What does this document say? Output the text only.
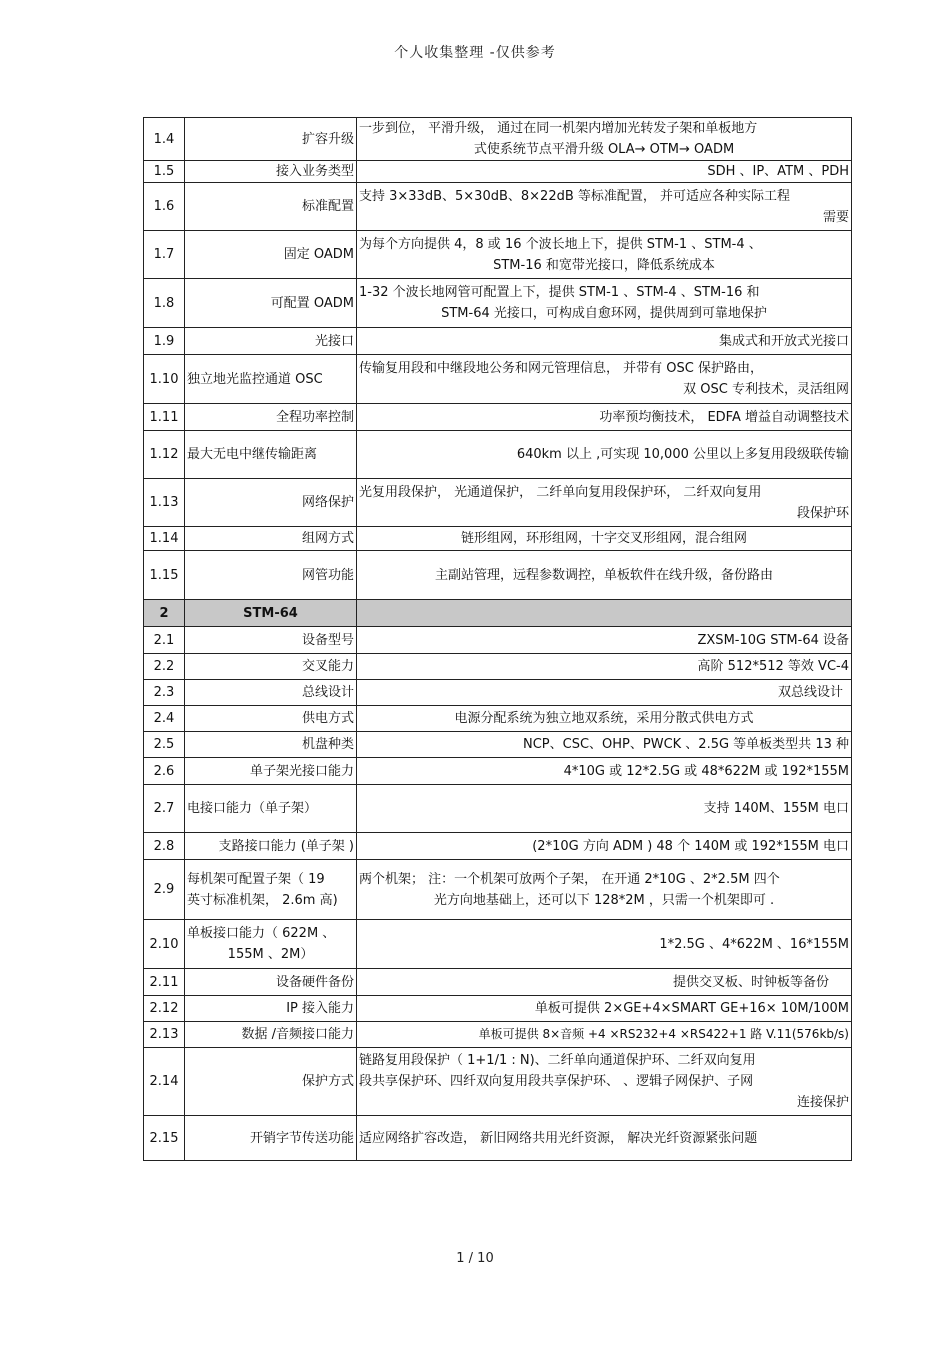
个人收集整理 -仅供参考
1.4	扩容升级	一步到位， 平滑升级， 通过在同一机架内增加光转发子架和单板地方
式使系统节点平滑升级 OLA→ OTM→ OADM

1.5	接入业务类型	SDH 、IP、ATM 、PDH

1.6	标准配置	支持 3×33dB、5×30dB、8×22dB 等标准配置， 并可适应各种实际工程
需要

1.7	固定 OADM	为每个方向提供 4，8 或 16 个波长地上下，提供 STM-1 、STM-4 、
STM-16 和宽带光接口，降低系统成本

1.8	可配置 OADM	1-32 个波长地网管可配置上下，提供 STM-1 、STM-4 、STM-16 和
STM-64 光接口，可构成自愈环网，提供周到可靠地保护

1.9	光接口	集成式和开放式光接口

1.10	独立地光监控通道 OSC	传输复用段和中继段地公务和网元管理信息， 并带有 OSC 保护路由，
双 OSC 专利技术，灵活组网

1.11	全程功率控制	功率预均衡技术， EDFA 增益自动调整技术

1.12	最大无电中继传输距离	640km 以上 ,可实现 10,000 公里以上多复用段级联传输

1.13	网络保护	光复用段保护， 光通道保护， 二纤单向复用段保护环， 二纤双向复用
段保护环

1.14	组网方式	链形组网，环形组网，十字交叉形组网，混合组网

1.15	网管功能	主副站管理，远程参数调控，单板软件在线升级，备份路由

2	STM-64	
2.1	设备型号	ZXSM-10G STM-64 设备

2.2	交叉能力	高阶 512*512 等效 VC-4

2.3	总线设计	双总线设计

2.4	供电方式	电源分配系统为独立地双系统，采用分散式供电方式

2.5	机盘种类	NCP、CSC、OHP、PWCK 、2.5G 等单板类型共 13 种

2.6	单子架光接口能力	4*10G 或 12*2.5G 或 48*622M 或 192*155M

2.7	电接口能力（单子架）	支持 140M、155M 电口

2.8	支路接口能力 (单子架 )	(2*10G 方向 ADM ) 48 个 140M 或 192*155M 电口

2.9	每机架可配置子架（ 19
英寸标准机架， 2.6m 高)	两个机架； 注：一个机架可放两个子架， 在开通 2*10G 、2*2.5M 四个
光方向地基础上，还可以下 128*2M ，只需一个机架即可 .

2.10	单板接口能力（ 622M 、
155M 、2M）	1*2.5G 、4*622M 、16*155M

2.11	设备硬件备份	提供交叉板、时钟板等备份

2.12	IP 接入能力	单板可提供 2×GE+4×SMART GE+16× 10M/100M

2.13	数据 /音频接口能力	单板可提供 8×音频 +4 ×RS232+4 ×RS422+1 路 V.11(576kb/s)

2.14	保护方式	链路复用段保护（ 1+1/1 : N)、二纤单向通道保护环、二纤双向复用
段共享保护环、四纤双向复用段共享保护环、 、逻辑子网保护、子网
连接保护

2.15	开销字节传送功能	适应网络扩容改造， 新旧网络共用光纤资源， 解决光纤资源紧张问题
1 / 10
